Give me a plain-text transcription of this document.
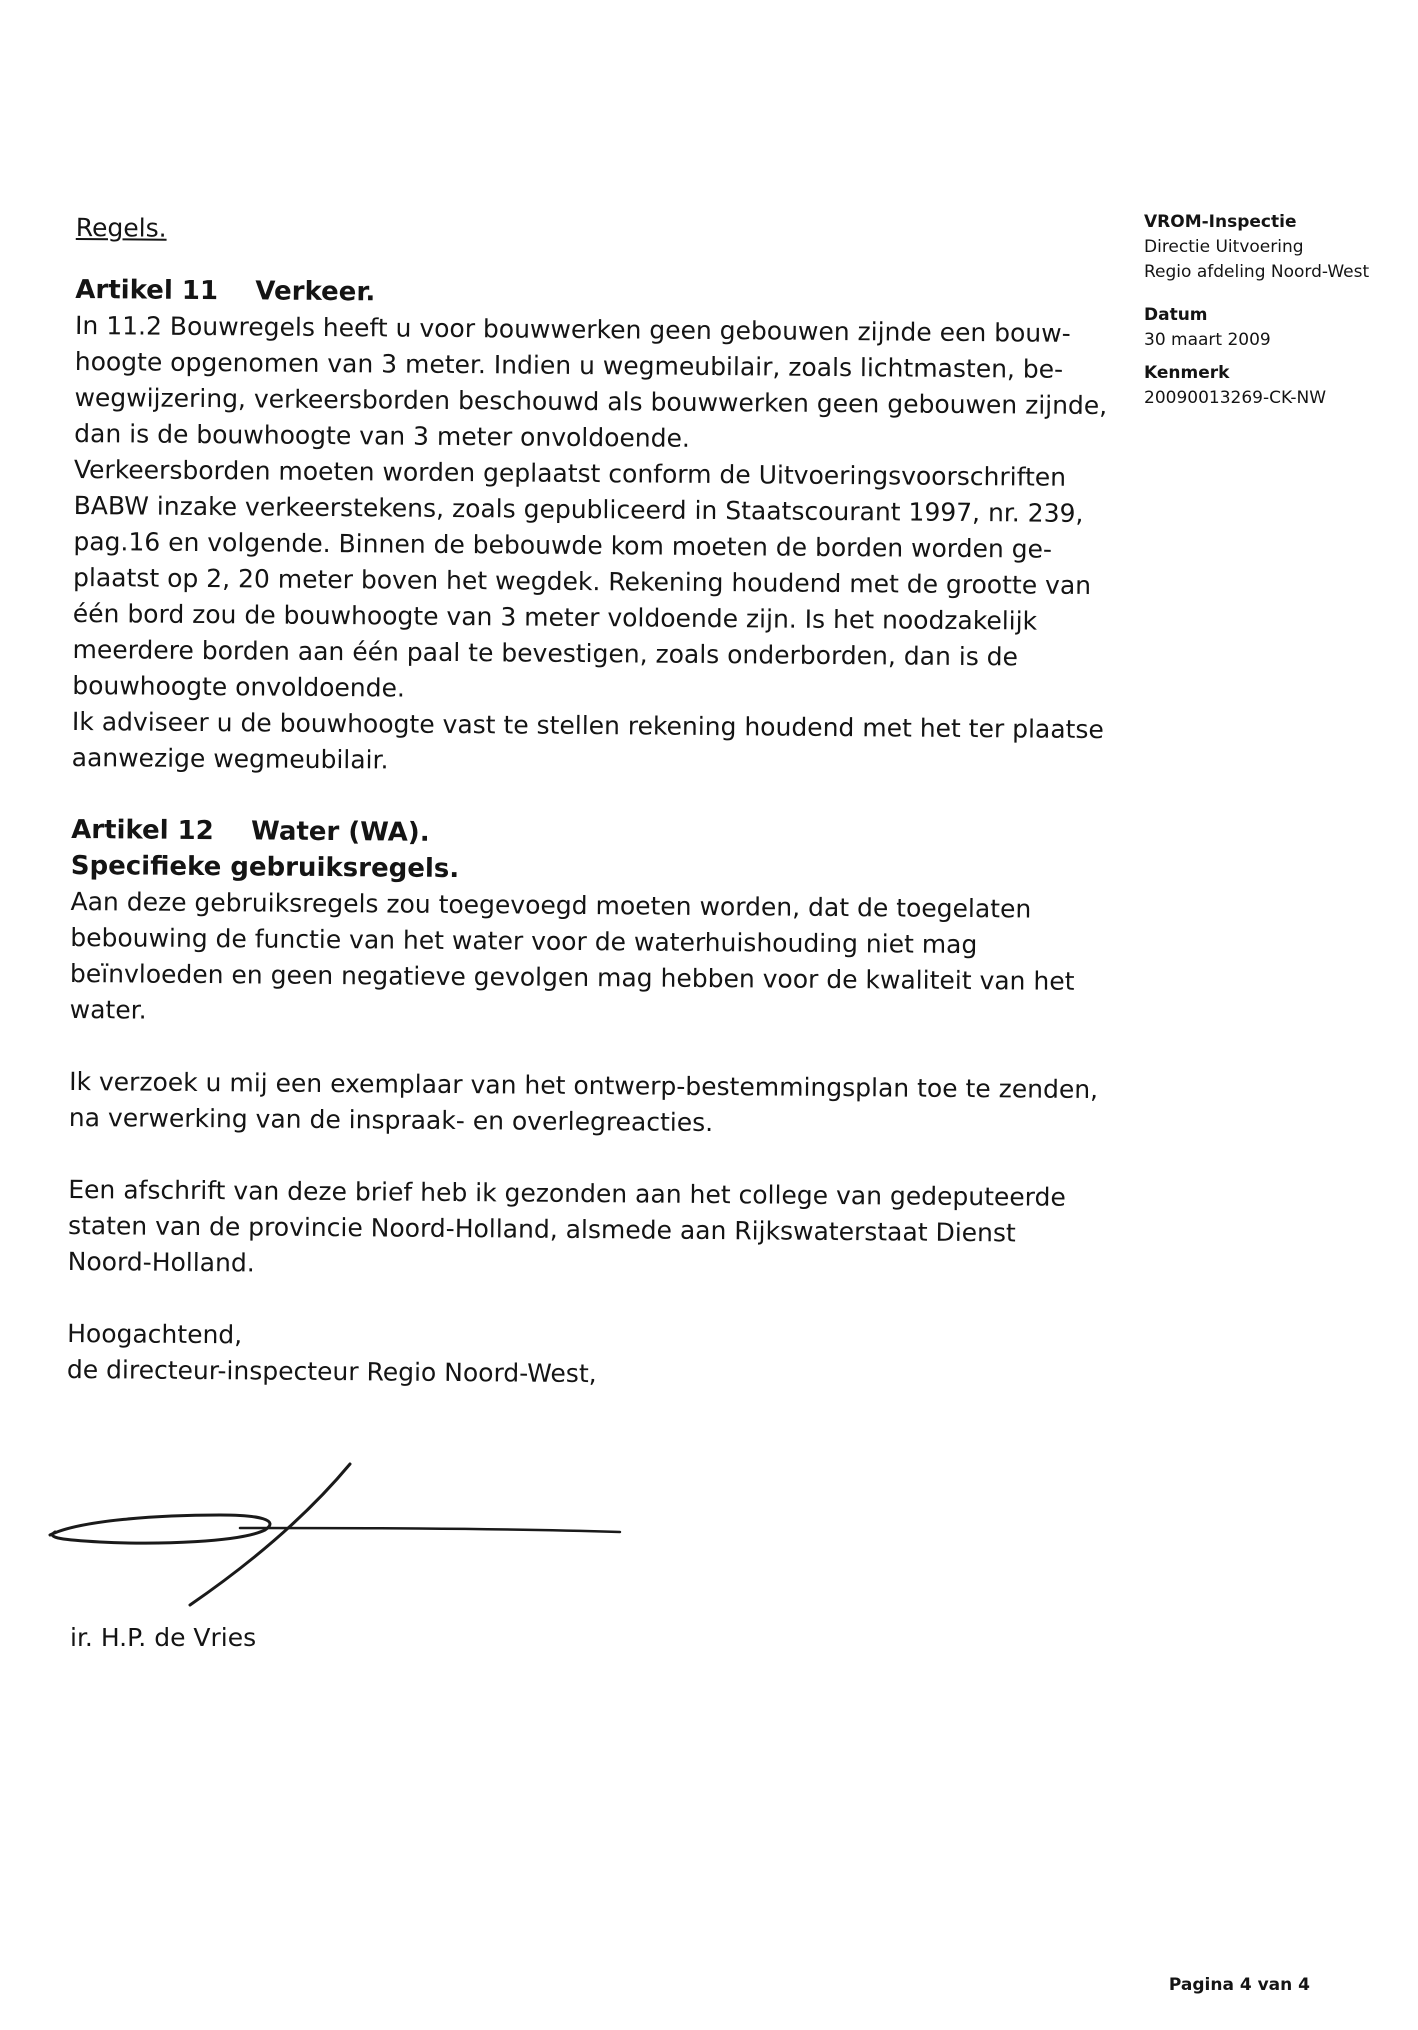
VROM-Inspectie
Directie Uitvoering
Regio afdeling Noord-West
Datum
30 maart 2009
Kenmerk
20090013269-CK-NW

Regels.

Artikel 11 Verkeer.

In 11.2 Bouwregels heeft u voor bouwwerken geen gebouwen zijnde een bouw-

hoogte opgenomen van 3 meter. Indien u wegmeubilair, zoals lichtmasten, be-

wegwijzering, verkeersborden beschouwd als bouwwerken geen gebouwen zijnde,

dan is de bouwhoogte van 3 meter onvoldoende.

Verkeersborden moeten worden geplaatst conform de Uitvoeringsvoorschriften

BABW inzake verkeerstekens, zoals gepubliceerd in Staatscourant 1997, nr. 239,

pag.16 en volgende. Binnen de bebouwde kom moeten de borden worden ge-

plaatst op 2, 20 meter boven het wegdek. Rekening houdend met de grootte van

één bord zou de bouwhoogte van 3 meter voldoende zijn. Is het noodzakelijk

meerdere borden aan één paal te bevestigen, zoals onderborden, dan is de

bouwhoogte onvoldoende.

Ik adviseer u de bouwhoogte vast te stellen rekening houdend met het ter plaatse

aanwezige wegmeubilair.

Artikel 12 Water (WA).

Specifieke gebruiksregels.

Aan deze gebruiksregels zou toegevoegd moeten worden, dat de toegelaten

bebouwing de functie van het water voor de waterhuishouding niet mag

beïnvloeden en geen negatieve gevolgen mag hebben voor de kwaliteit van het

water.

Ik verzoek u mij een exemplaar van het ontwerp-bestemmingsplan toe te zenden,

na verwerking van de inspraak- en overlegreacties.

Een afschrift van deze brief heb ik gezonden aan het college van gedeputeerde

staten van de provincie Noord-Holland, alsmede aan Rijkswaterstaat Dienst

Noord-Holland.

Hoogachtend,

de directeur-inspecteur Regio Noord-West,

ir. H.P. de Vries
Pagina 4 van 4
